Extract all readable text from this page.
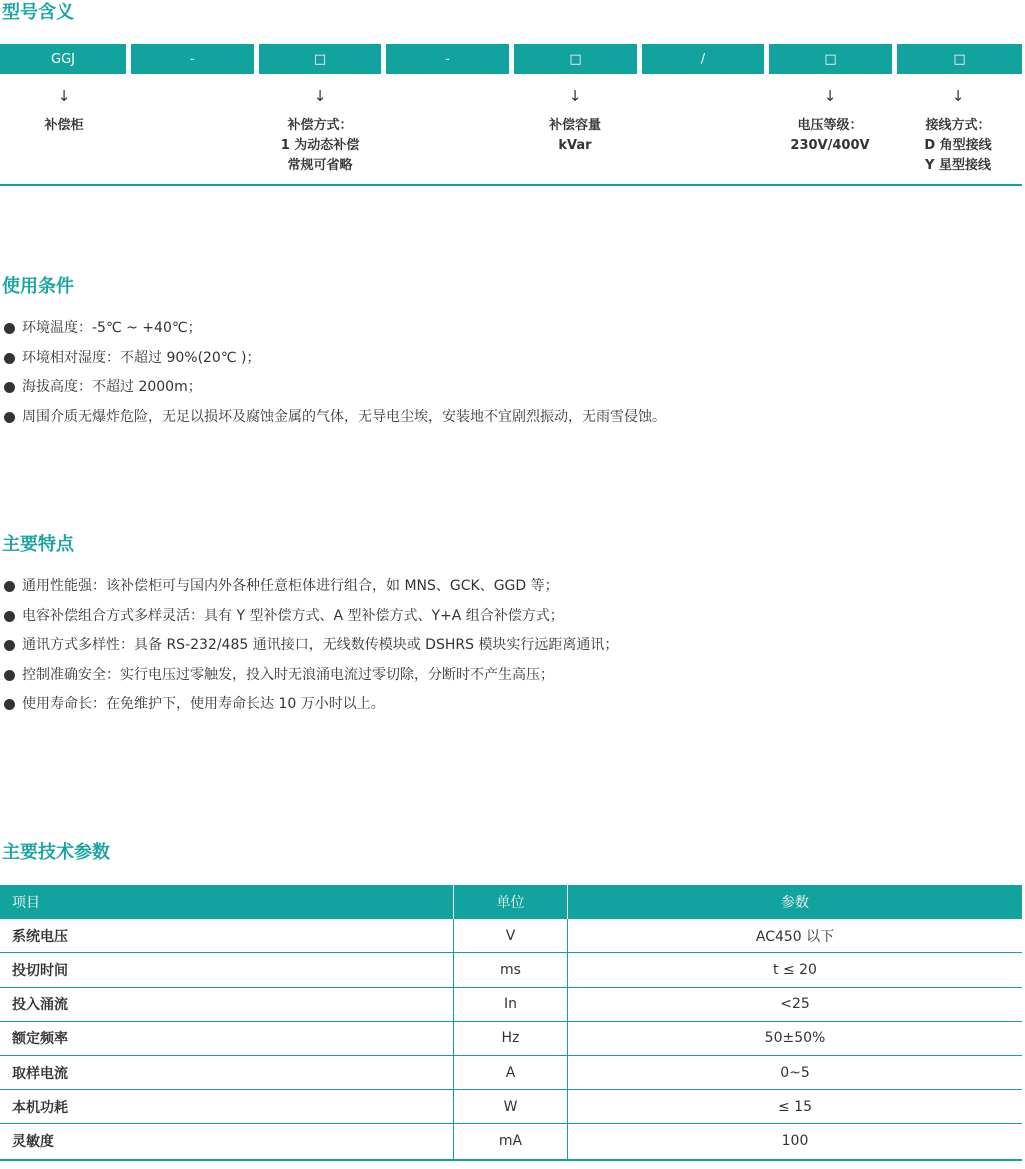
型号含义
GGJ	-	□	-	□	/	□	□
↓
补偿柜
↓
补偿方式：
1 为动态补偿
常规可省略
↓
补偿容量
kVar
↓
电压等级：
230V/400V
↓
接线方式：
D 角型接线
Y 星型接线
使用条件
环境温度：-5℃ ~ +40℃；
环境相对湿度：不超过 90%(20℃ )；
海拔高度：不超过 2000m；
周围介质无爆炸危险，无足以损坏及腐蚀金属的气体，无导电尘埃，安装地不宜剧烈振动，无雨雪侵蚀。
主要特点
通用性能强：该补偿柜可与国内外各种任意柜体进行组合，如 MNS、GCK、GGD 等；
电容补偿组合方式多样灵活：具有 Y 型补偿方式、A 型补偿方式、Y+A 组合补偿方式；
通讯方式多样性：具备 RS-232/485 通讯接口，无线数传模块或 DSHRS 模块实行远距离通讯；
控制准确安全：实行电压过零触发，投入时无浪涌电流过零切除，分断时不产生高压；
使用寿命长：在免维护下，使用寿命长达 10 万小时以上。
主要技术参数
项目	单位	参数
系统电压	V	AC450 以下
投切时间	ms	t ≤ 20
投入涌流	In	<25
额定频率	Hz	50±50%
取样电流	A	0~5
本机功耗	W	≤ 15
灵敏度	mA	100
